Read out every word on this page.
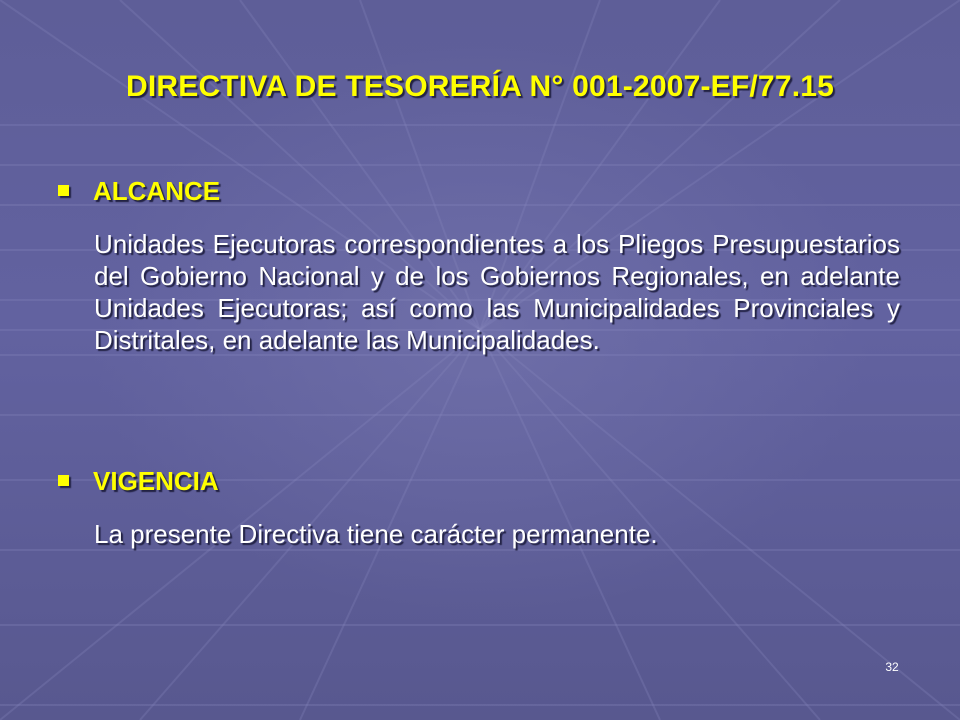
DIRECTIVA DE TESORERÍA N° 001-2007-EF/77.15
ALCANCE
Unidades Ejecutoras correspondientes a los Pliegos Presupuestarios del Gobierno Nacional y de los Gobiernos Regionales, en adelante Unidades Ejecutoras; así como las Municipalidades Provinciales y Distritales, en adelante las Municipalidades.
VIGENCIA
La presente Directiva tiene carácter permanente.
32
